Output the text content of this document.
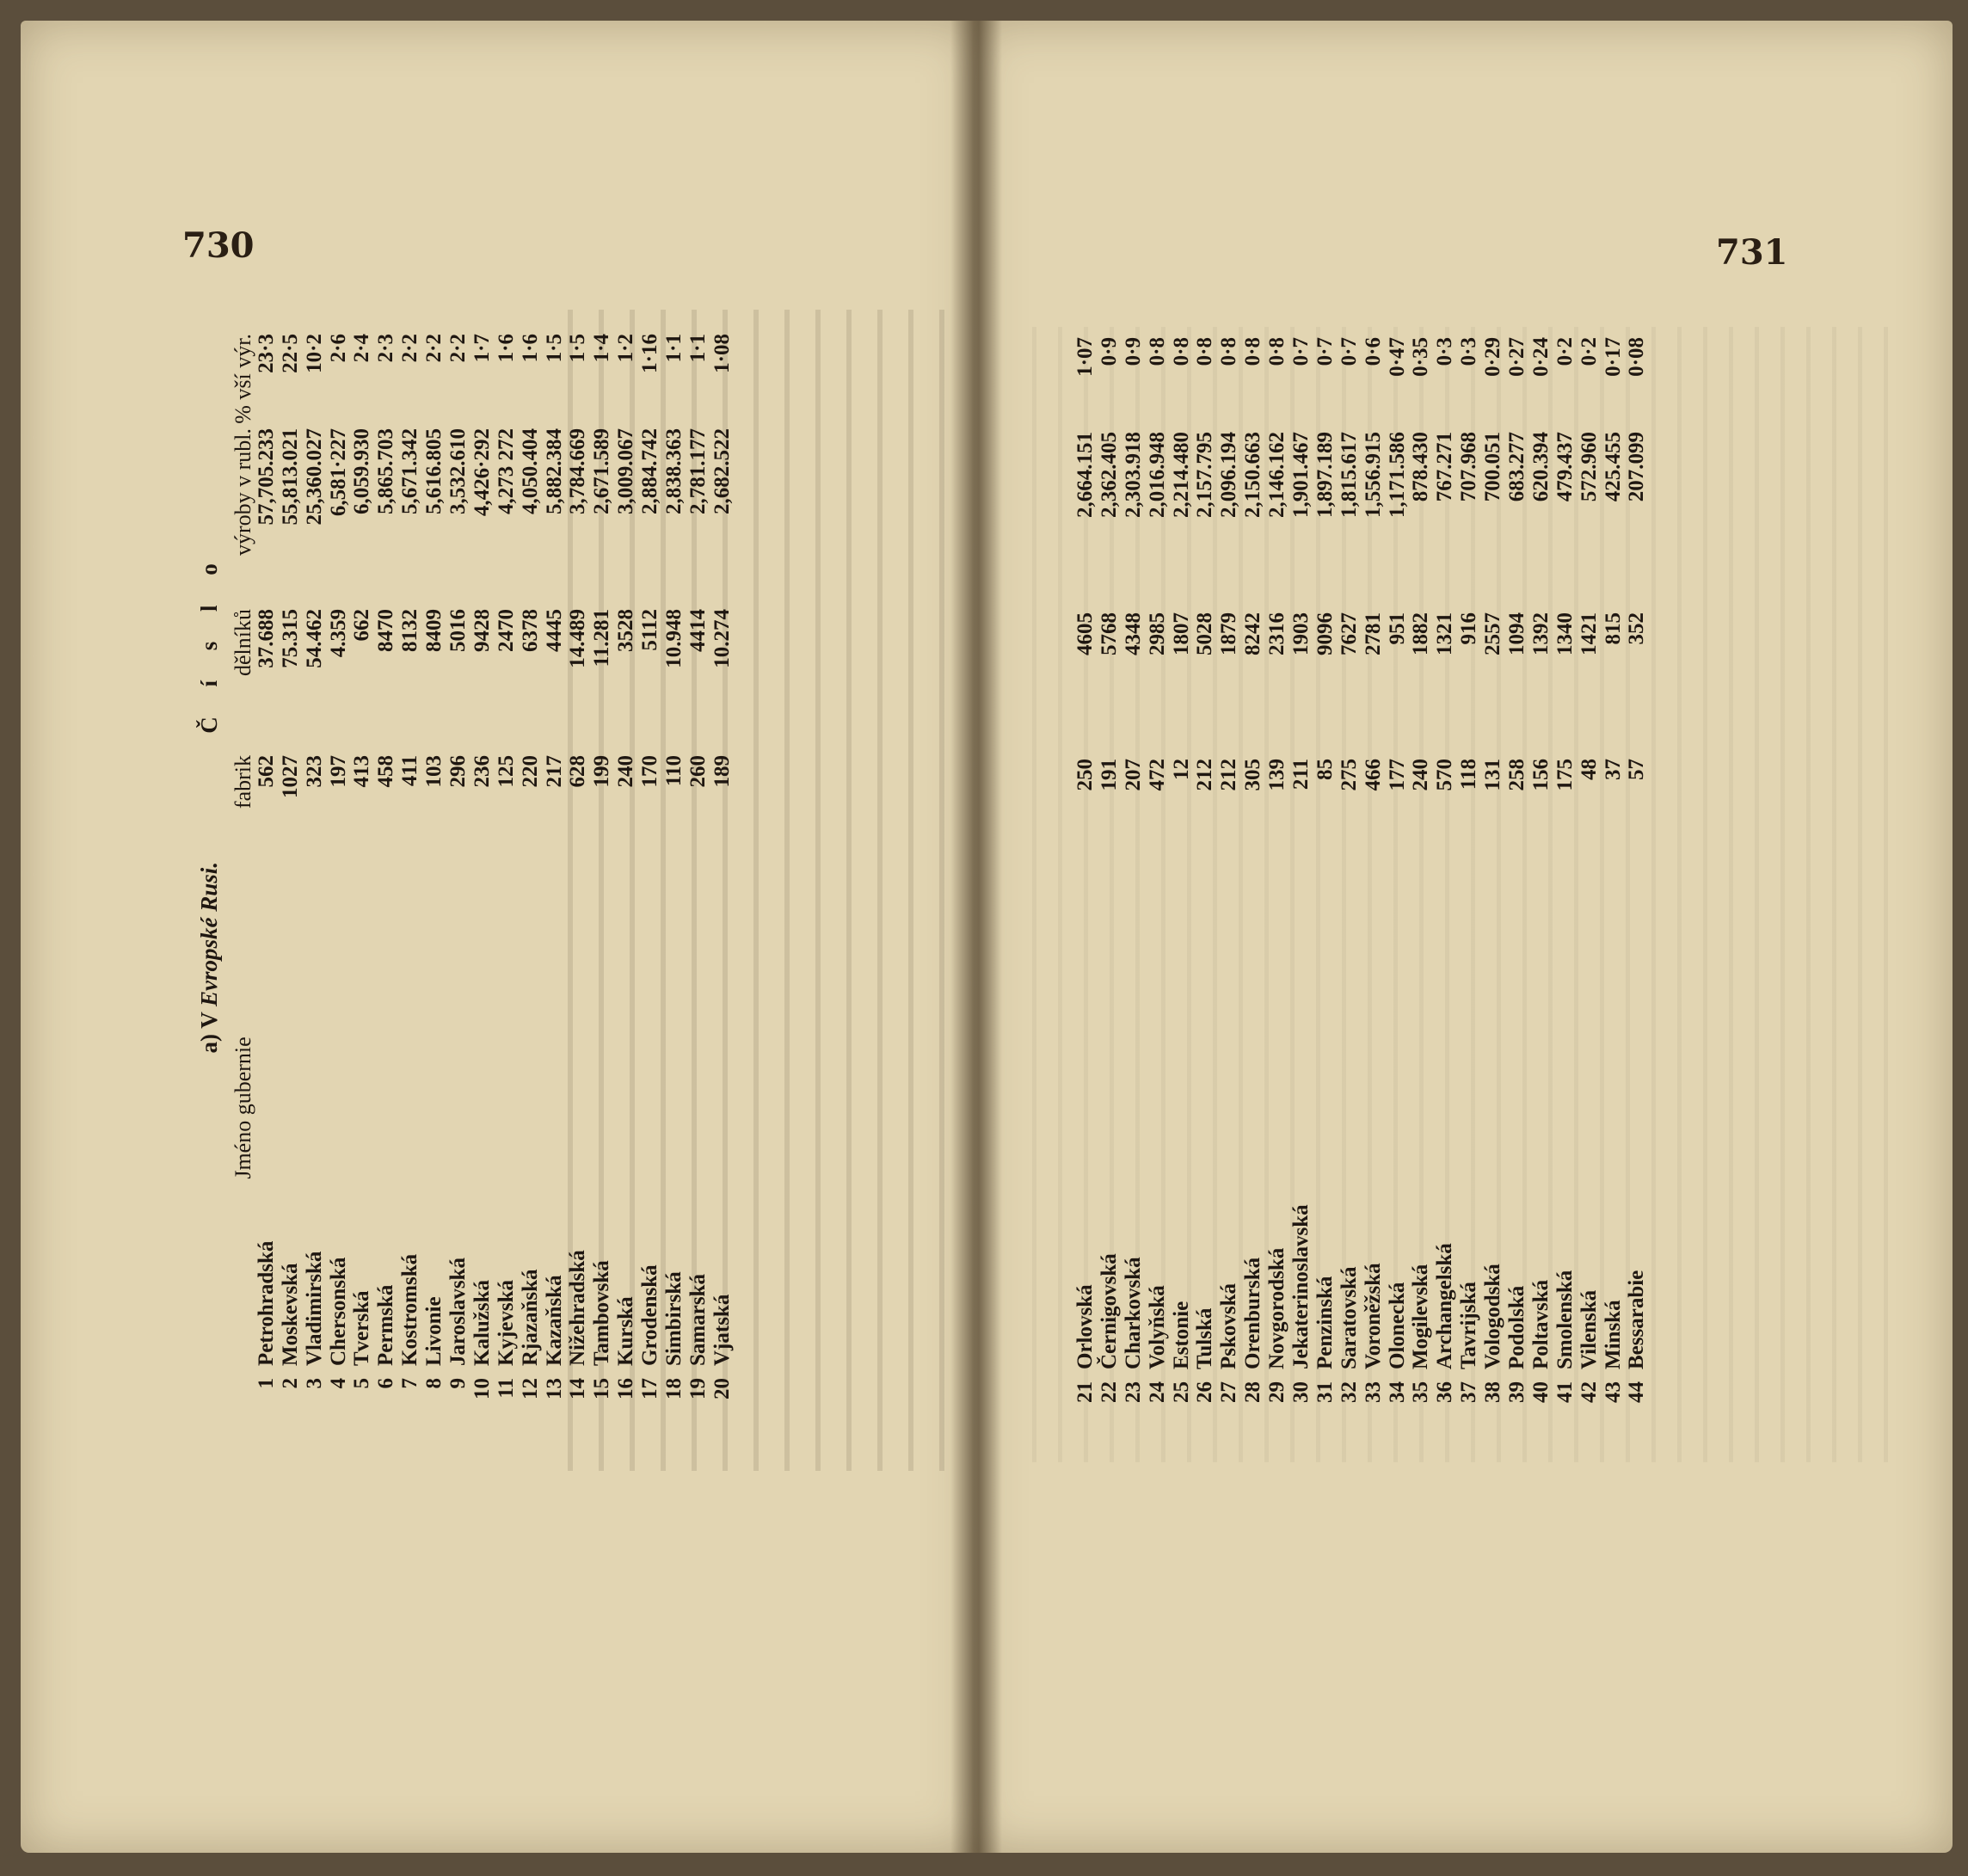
730	731
a) V Evropské Rusi.
Č í s l o
Jméno gubernie
fabrik
dělníků
výroby v rubl.
% vší výr.
1
Petrohradská
562
37.688
57,705.233
23·3
2
Moskevská
1027
75.315
55,813.021
22·5
3
Vladimirská
323
54.462
25,360.027
10·2
4
Chersonská
197
4.359
6,581·227
2·6
5
Tverská
413
662
6,059.930
2·4
6
Permská
458
8470
5,865.703
2·3
7
Kostromská
411
8132
5,671.342
2·2
8
Livonie
103
8409
5,616.805
2·2
9
Jaroslavská
296
5016
3,532.610
2·2
10
Kalužská
236
9428
4,426·292
1·7
11
Kyjevská
125
2470
4,273 272
1·6
12
Rjazaňská
220
6378
4,050.404
1·6
13
Kazaňská
217
4445
5,882.384
1·5
14
Nižehradská
628
14.489
3,784.669
1·5
15
Tambovská
199
11.281
2,671.589
1·4
16
Kurská
240
3528
3,009.067
1·2
17
Grodenská
170
5112
2,884.742
1·16
18
Simbirská
110
10.948
2,838.363
1·1
19
Samarská
260
4414
2,781.177
1·1
20
Vjatská
189
10.274
2,682.522
1·08
21
Orlovská
250
4605
2,664.151
1·07
22
Černigovská
191
5768
2,362.405
0·9
23
Charkovská
207
4348
2,303.918
0·9
24
Volyňská
472
2985
2,016.948
0·8
25
Estonie
12
1807
2,214.480
0·8
26
Tulská
212
5028
2,157.795
0·8
27
Pskovská
212
1879
2,096.194
0·8
28
Orenburská
305
8242
2,150.663
0·8
29
Novgorodská
139
2316
2,146.162
0·8
30
Jekaterinoslavská
211
1903
1,901.467
0·7
31
Penzinská
85
9096
1,897.189
0·7
32
Saratovská
275
7627
1,815.617
0·7
33
Voroněžská
466
2781
1,556.915
0·6
34
Olonecká
177
951
1,171.586
0·47
35
Mogilevská
240
1882
878.430
0·35
36
Archangelská
570
1321
767.271
0·3
37
Tavrijská
118
916
707.968
0·3
38
Vologodská
131
2557
700.051
0·29
39
Podolská
258
1094
683.277
0·27
40
Poltavská
156
1392
620.394
0·24
41
Smolenská
175
1340
479.437
0·2
42
Vilenská
48
1421
572.960
0·2
43
Minská
37
815
425.455
0·17
44
Bessarabie
57
352
207.099
0·08
